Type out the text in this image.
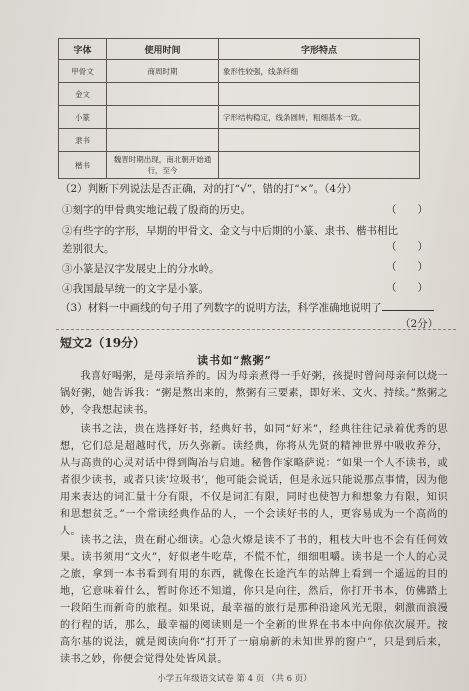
字体	使用时间	字形特点
甲骨文	商周时期	象形性较强，线条纤细
金文		
小篆		字形结构稳定，线条圆转，粗细基本一致。
隶书		
楷书	魏晋时期出现，南北朝开始通行，至今	
（2）判断下列说法是否正确，对的打“√”，错的打“×”。（4分）
①刻字的甲骨典实地记载了殷商的历史。	（　　）
②有些字的字形，早期的甲骨文、金文与中后期的小篆、隶书、楷书相比
差别很大。	（　　）
③小篆是汉字发展史上的分水岭。	（　　）
④我国最早统一的文字是小篆。	（　　）
（3）材料一中画线的句子用了列数字的说明方法，科学准确地说明了
（2分）
短文2（19分）
读书如“熬粥”

我喜好喝粥，是母亲培养的。因为母亲煮得一手好粥，孩提时曾问母亲何以烧一锅好粥，她告诉我：“粥是熬出来的，熬粥有三要素，即好米、文火、持续。”熬粥之妙，令我想起读书。

读书之法，贵在选择好书，经典好书，如同“好米”，经典往往记录着优秀的思想，它们总是超越时代，历久弥新。读经典，你将从先贤的精神世界中吸收养分，从与高贵的心灵对话中得到陶冶与启迪。秘鲁作家略萨说：“如果一个人不读书，或者很少读书，或者只读‘垃圾书’，他可能会说话，但是永远只能说那点事情，因为他用来表达的词汇量十分有限，不仅是词汇有限，同时也使智力和想象力有限，知识和思想贫乏。”一个常读经典作品的人，一个会读好书的人，更容易成为一个高尚的人。

读书之法，贵在耐心细读。心急火燎是读不了书的，粗枝大叶也不会有任何效果。读书须用“文火”，好似老牛吃草，不慌不忙，细细咀嚼。读书是一个人的心灵之旅，拿到一本书看到有用的东西，就像在长途汽车的站牌上看到一个遥远的目的地，它意味着什么，暂时你还不知道，你只是向往，然后，你打开书本，仿佛踏上一段陌生而新奇的旅程。如果说，最幸福的旅行是那种沿途风光无限，刺激而浪漫的行程的话，那么，最幸福的阅读则是一个全新的世界在书本中向你依次展开。按高尔基的说法，就是阅读向你“打开了一扇扇新的未知世界的窗户”，只是到后来，读书之妙，你便会觉得处处皆风景。

小学五年级语文试卷 第 4 页 （共 6 页）
